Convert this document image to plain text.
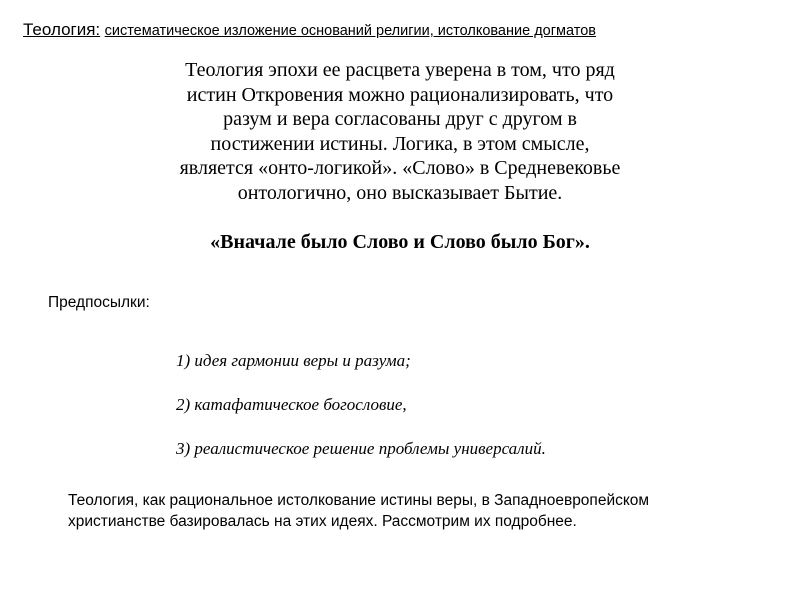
Теология: систематическое изложение оснований религии, истолкование догматов

Теология эпохи ее расцвета уверена в том, что ряд
истин Откровения можно рационализировать, что
разум и вера согласованы друг с другом в
постижении истины. Логика, в этом смысле,
является «онто-логикой». «Слово» в Средневековье
онтологично, оно высказывает Бытие.

«Вначале было Слово и Слово было Бог».

Предпосылки:

1) идея гармонии веры и разума;
2) катафатическое богословие,
3) реалистическое решение проблемы универсалий.

Теология, как рациональное истолкование истины веры, в Западноевропейском
христианстве базировалась на этих идеях. Рассмотрим их подробнее.
